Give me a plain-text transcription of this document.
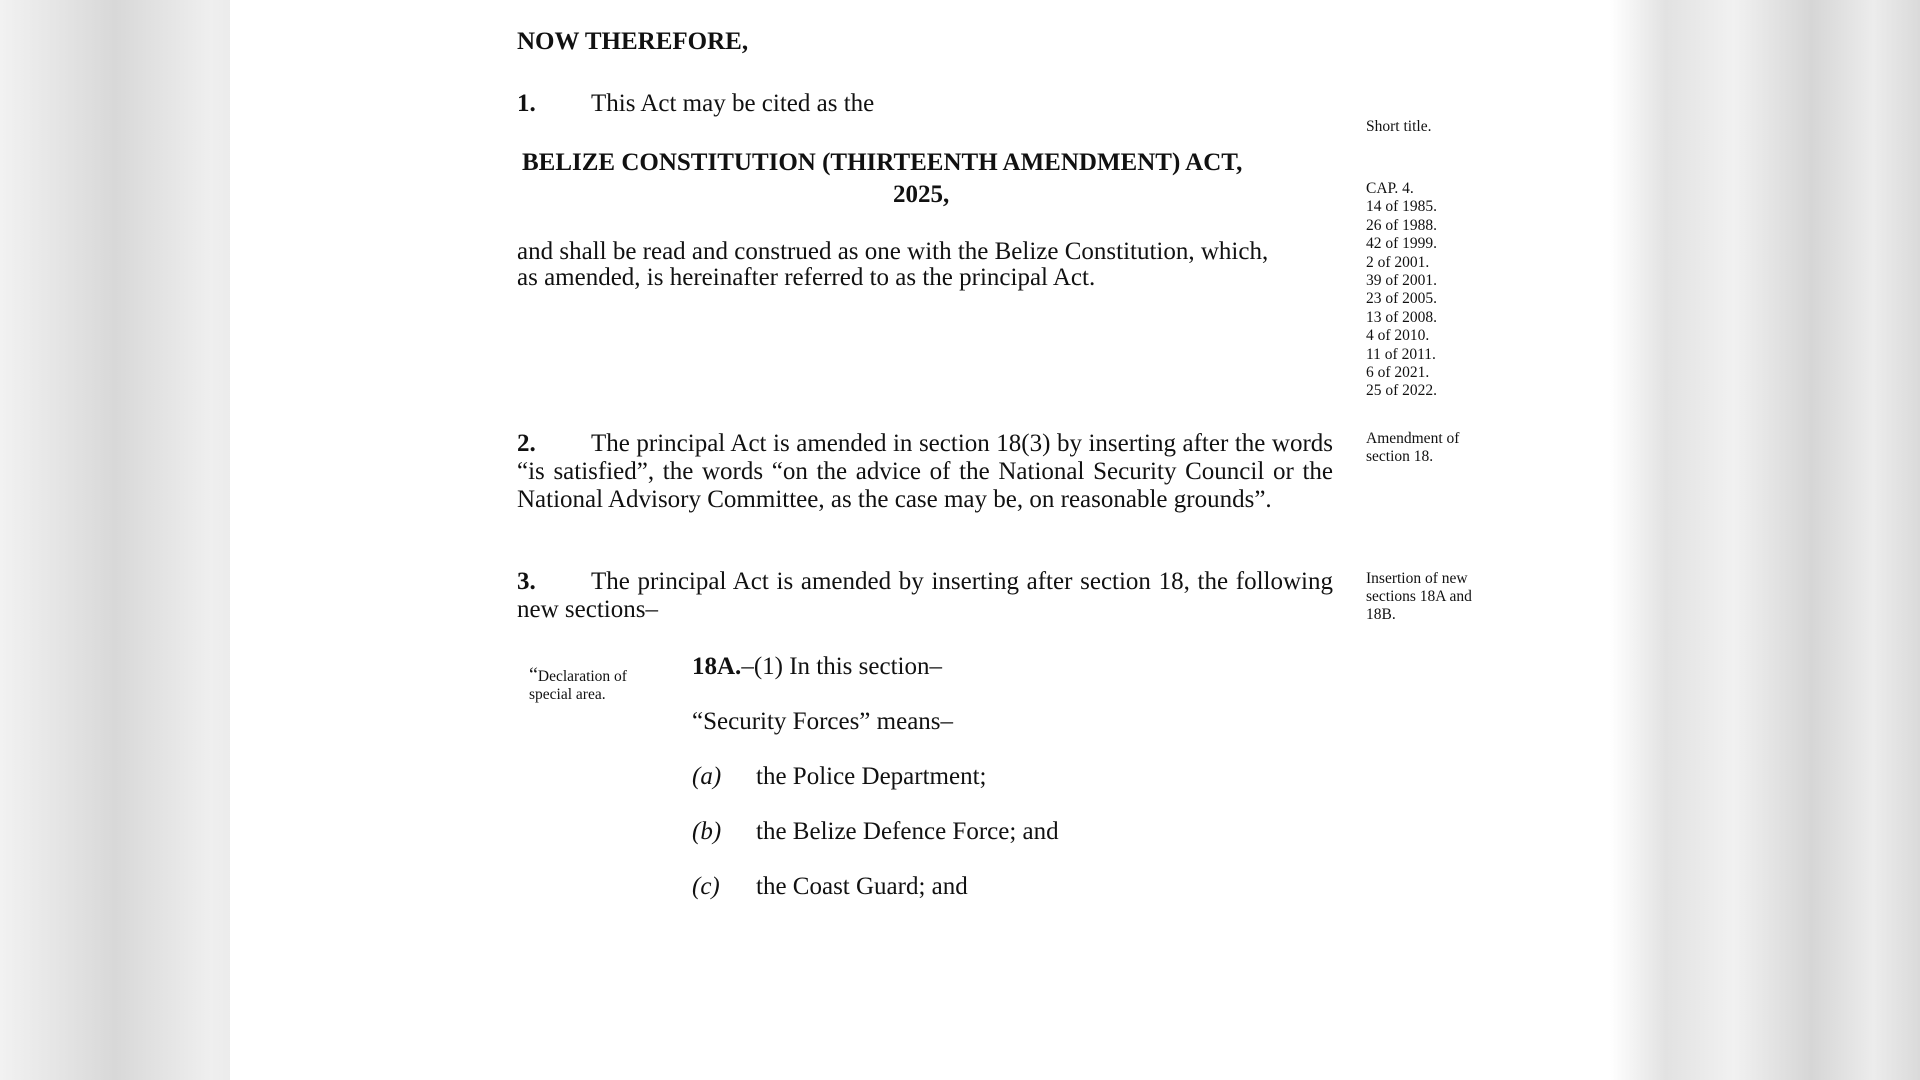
NOW THEREFORE,
1. This Act may be cited as the
BELIZE CONSTITUTION (THIRTEENTH AMENDMENT) ACT,
2025,
and shall be read and construed as one with the Belize Constitution, which,
as amended, is hereinafter referred to as the principal Act.
Short title.
CAP. 4.
14 of 1985.
26 of 1988.
42 of 1999.
2 of 2001.
39 of 2001.
23 of 2005.
13 of 2008.
4 of 2010.
11 of 2011.
6 of 2021.
25 of 2022.
2. The principal Act is amended in section 18(3) by inserting after the words “is satisfied”, the words “on the advice of the National Security Council or the National Advisory Committee, as the case may be, on reasonable grounds”.
Amendment of
section 18.
3. The principal Act is amended by inserting after section 18, the following new sections–
Insertion of new
sections 18A and
18B.
“Declaration of
special area.
18A.–(1) In this section–
“Security Forces” means–
(a) the Police Department;
(b) the Belize Defence Force; and
(c) the Coast Guard; and
